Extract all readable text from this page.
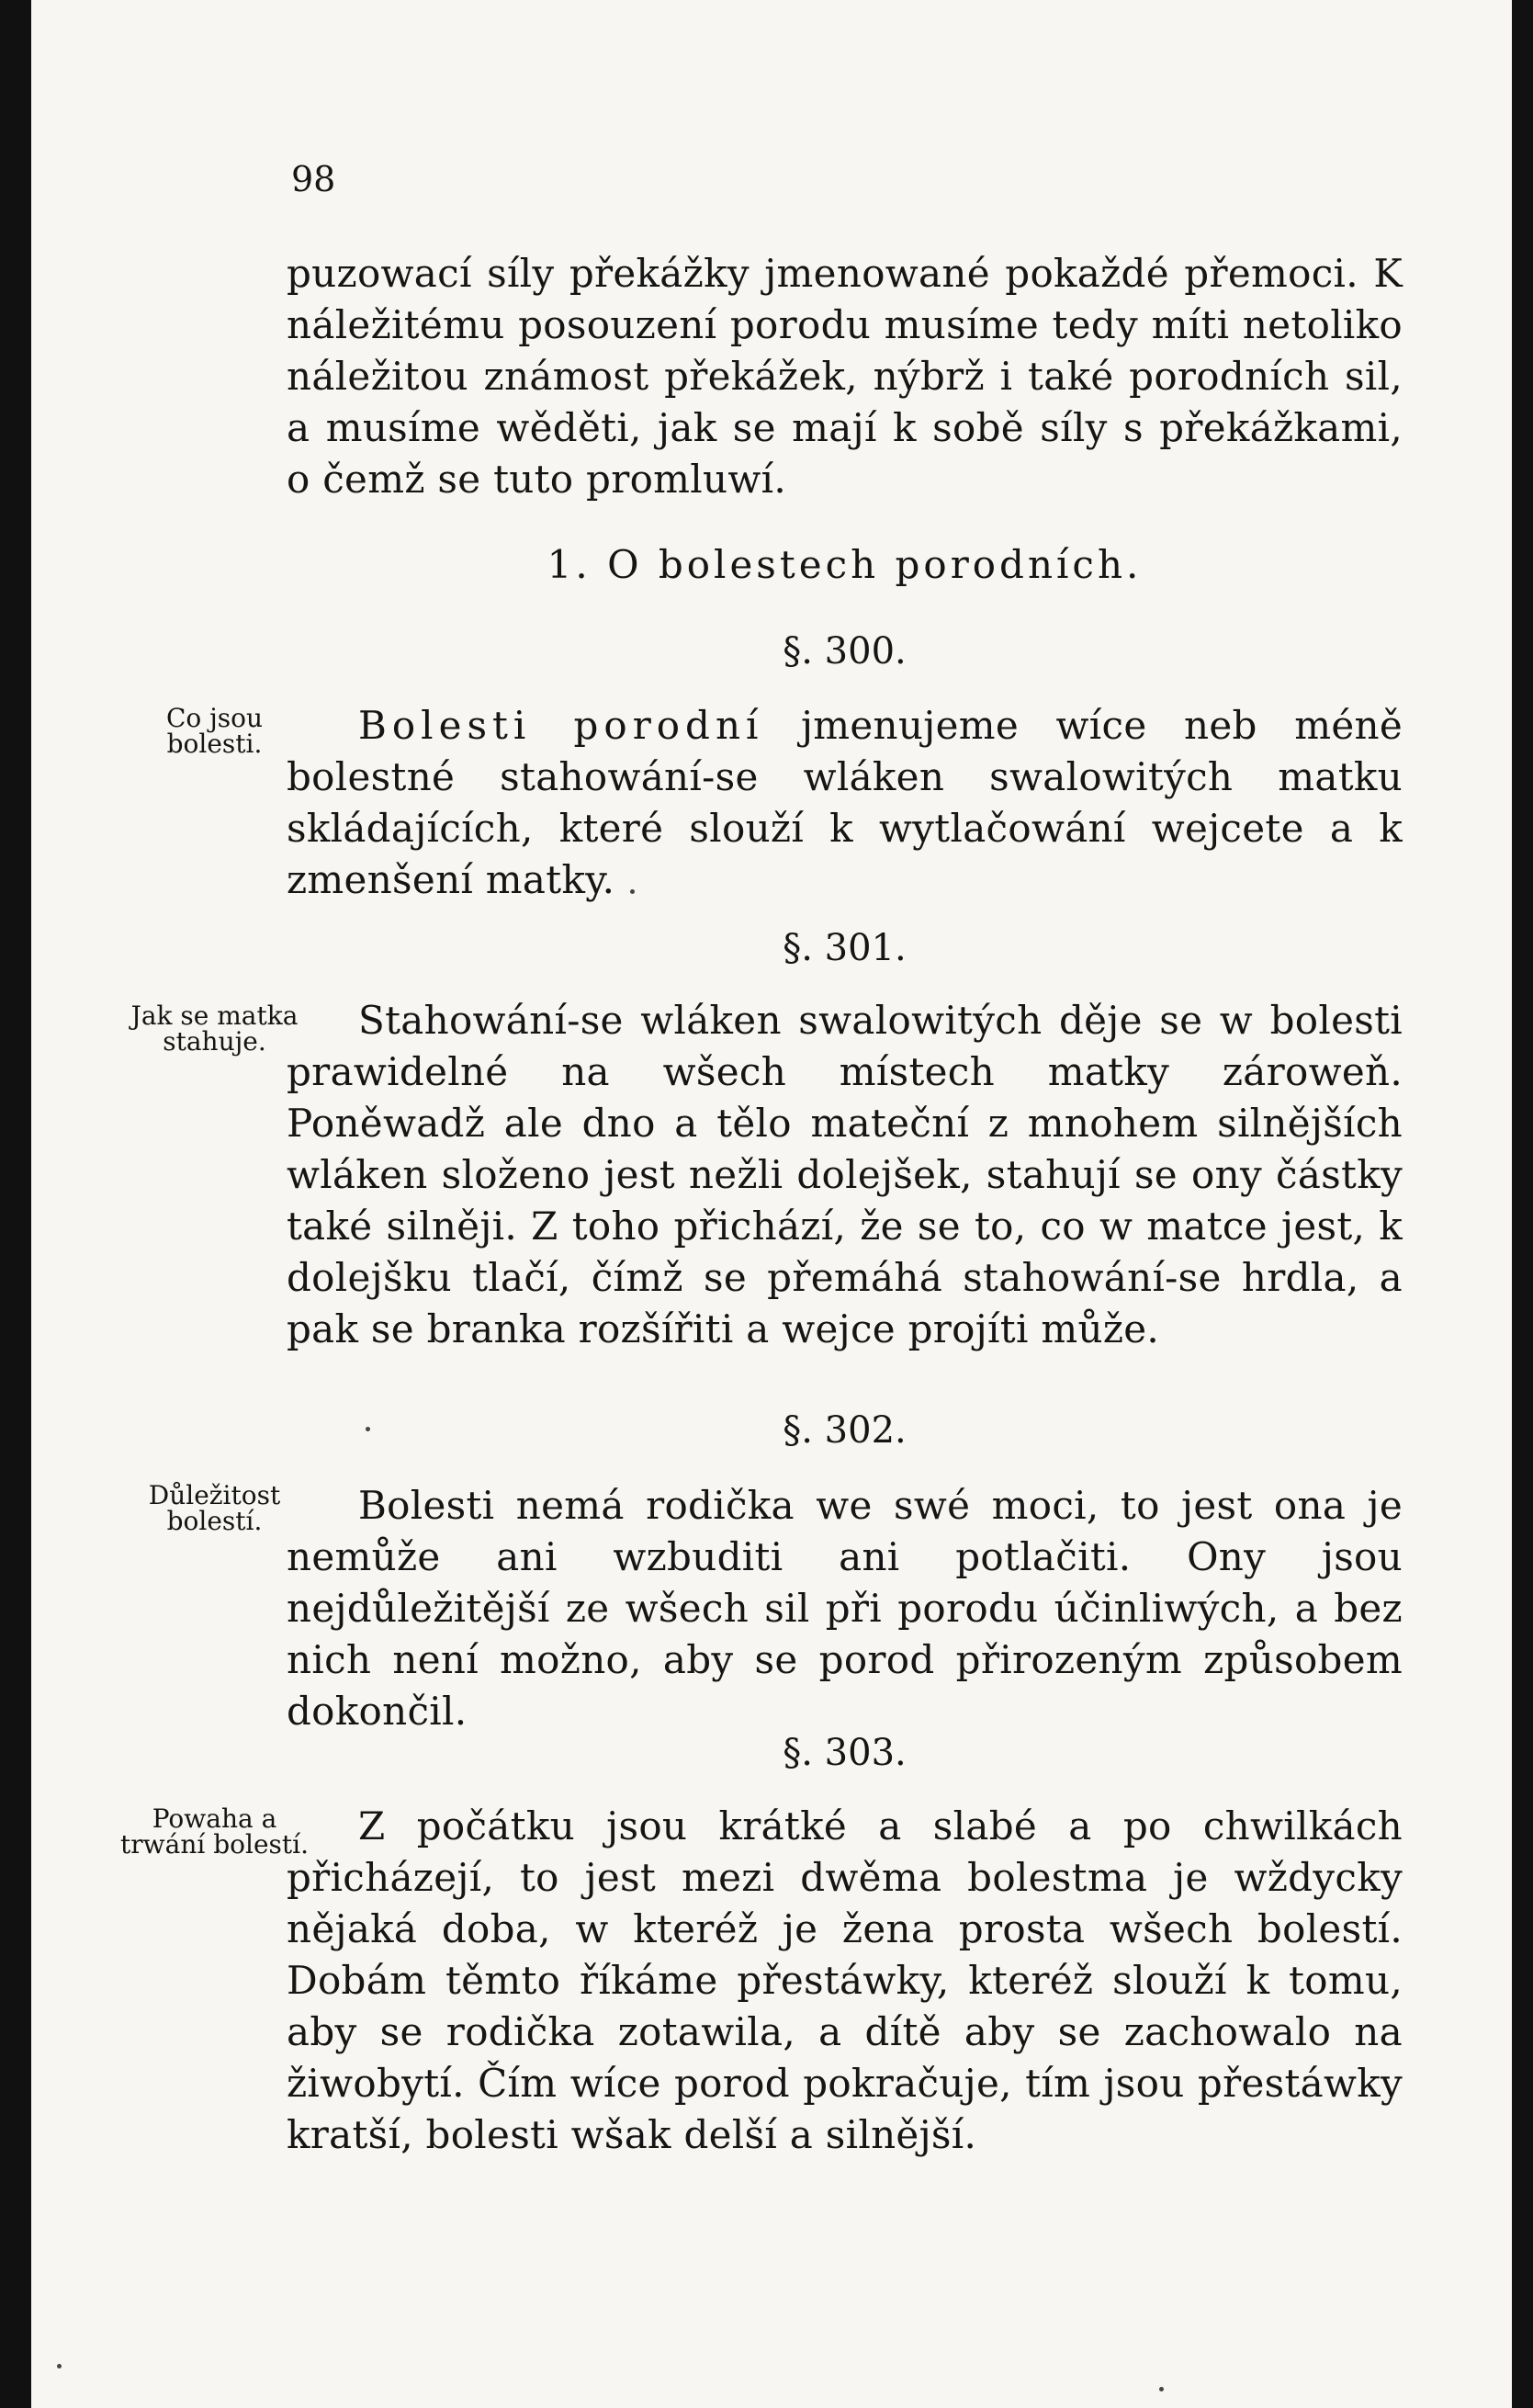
98

puzowací síly překážky jmenowané pokaždé přemoci. K náležitému posouzení porodu musíme tedy míti netoliko náležitou známost překážek, nýbrž i také porodních sil, a musíme wěděti, jak se mají k sobě síly s překážkami, o čemž se tuto promluwí.

1. O bolestech porodních.
§. 300.
Co jsou bolesti.	Bolesti porodní jmenujeme wíce neb méně bolestné stahowání-se wláken swalowitých matku skládajících, které slouží k wytlačowání wejcete a k zmenšení matky.

§. 301.
Jak se matka stahuje.	Stahowání-se wláken swalowitých děje se w bolesti prawidelné na wšech místech matky zároweň. Poněwadž ale dno a tělo mateční z mnohem silnějších wláken složeno jest nežli dolejšek, stahují se ony částky také silněji. Z toho přichází, že se to, co w matce jest, k dolejšku tlačí, čímž se přemáhá stahowání-se hrdla, a pak se branka rozšířiti a wejce projíti může.

§. 302.
Důležitost bolestí.	Bolesti nemá rodička we swé moci, to jest ona je nemůže ani wzbuditi ani potlačiti. Ony jsou nejdůležitější ze wšech sil při porodu účinliwých, a bez nich není možno, aby se porod přirozeným způsobem dokončil.

§. 303.
Powaha a trwání bolestí.	Z počátku jsou krátké a slabé a po chwilkách přicházejí, to jest mezi dwěma bolestma je wždycky nějaká doba, w kteréž je žena prosta wšech bolestí. Dobám těmto říkáme přestáwky, kteréž slouží k tomu, aby se rodička zotawila, a dítě aby se zachowalo na žiwobytí. Čím wíce porod pokračuje, tím jsou přestáwky kratší, bolesti wšak delší a silnější.
